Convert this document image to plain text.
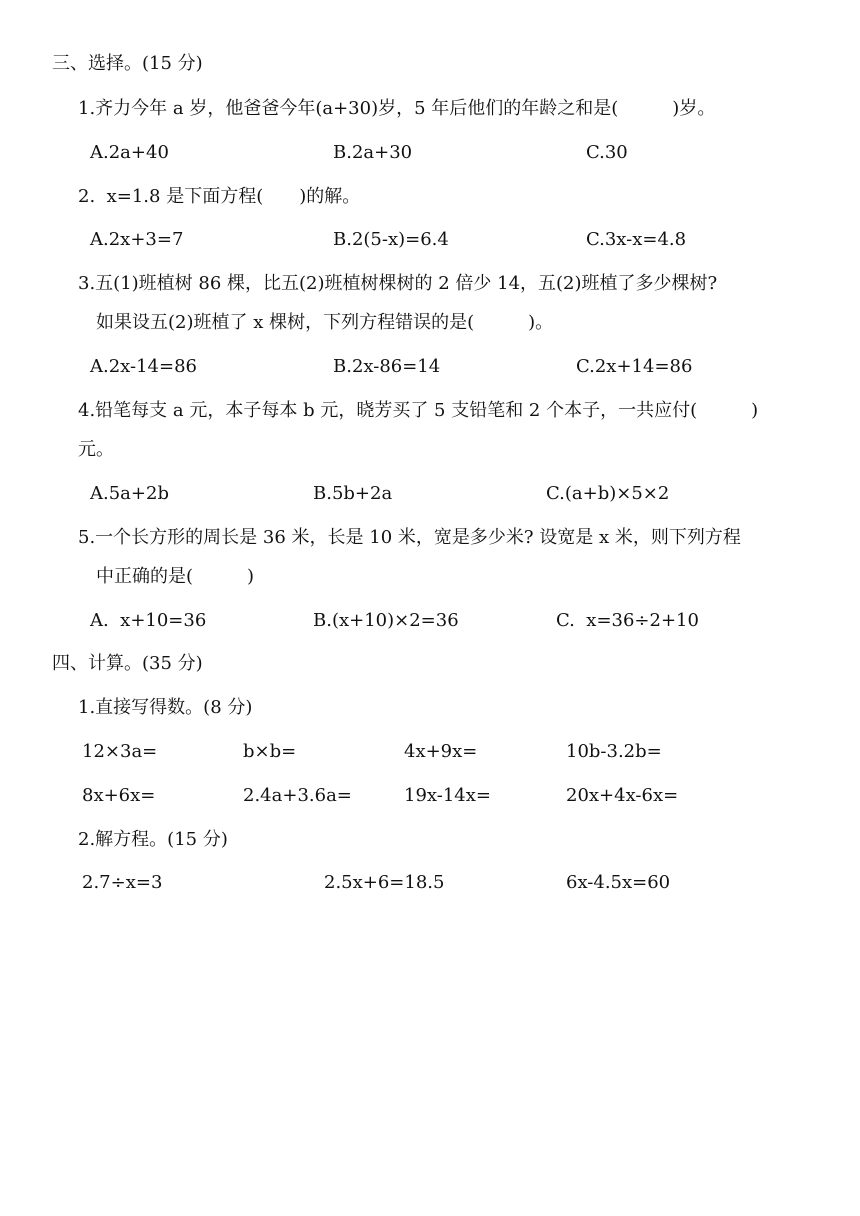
三、选择。(15 分)
1.齐力今年 a 岁，他爸爸今年(a+30)岁，5 年后他们的年龄之和是(　　　)岁。
A.2a+40	B.2a+30	C.30
2.  x=1.8 是下面方程(　　)的解。
A.2x+3=7	B.2(5-x)=6.4	C.3x-x=4.8
3.五(1)班植树 86 棵，比五(2)班植树棵树的 2 倍少 14，五(2)班植了多少棵树?
如果设五(2)班植了 x 棵树，下列方程错误的是(　　　)。
A.2x-14=86	B.2x-86=14	C.2x+14=86
4.铅笔每支 a 元，本子每本 b 元，晓芳买了 5 支铅笔和 2 个本子，一共应付(　　　)
元。
A.5a+2b	B.5b+2a	C.(a+b)×5×2
5.一个长方形的周长是 36 米，长是 10 米，宽是多少米? 设宽是 x 米，则下列方程
中正确的是(　　　)
A.  x+10=36	B.(x+10)×2=36	C.  x=36÷2+10
四、计算。(35 分)
1.直接写得数。(8 分)
12×3a=	b×b=	4x+9x=	10b-3.2b=
8x+6x=	2.4a+3.6a=	19x-14x=	20x+4x-6x=
2.解方程。(15 分)
2.7÷x=3	2.5x+6=18.5	6x-4.5x=60
